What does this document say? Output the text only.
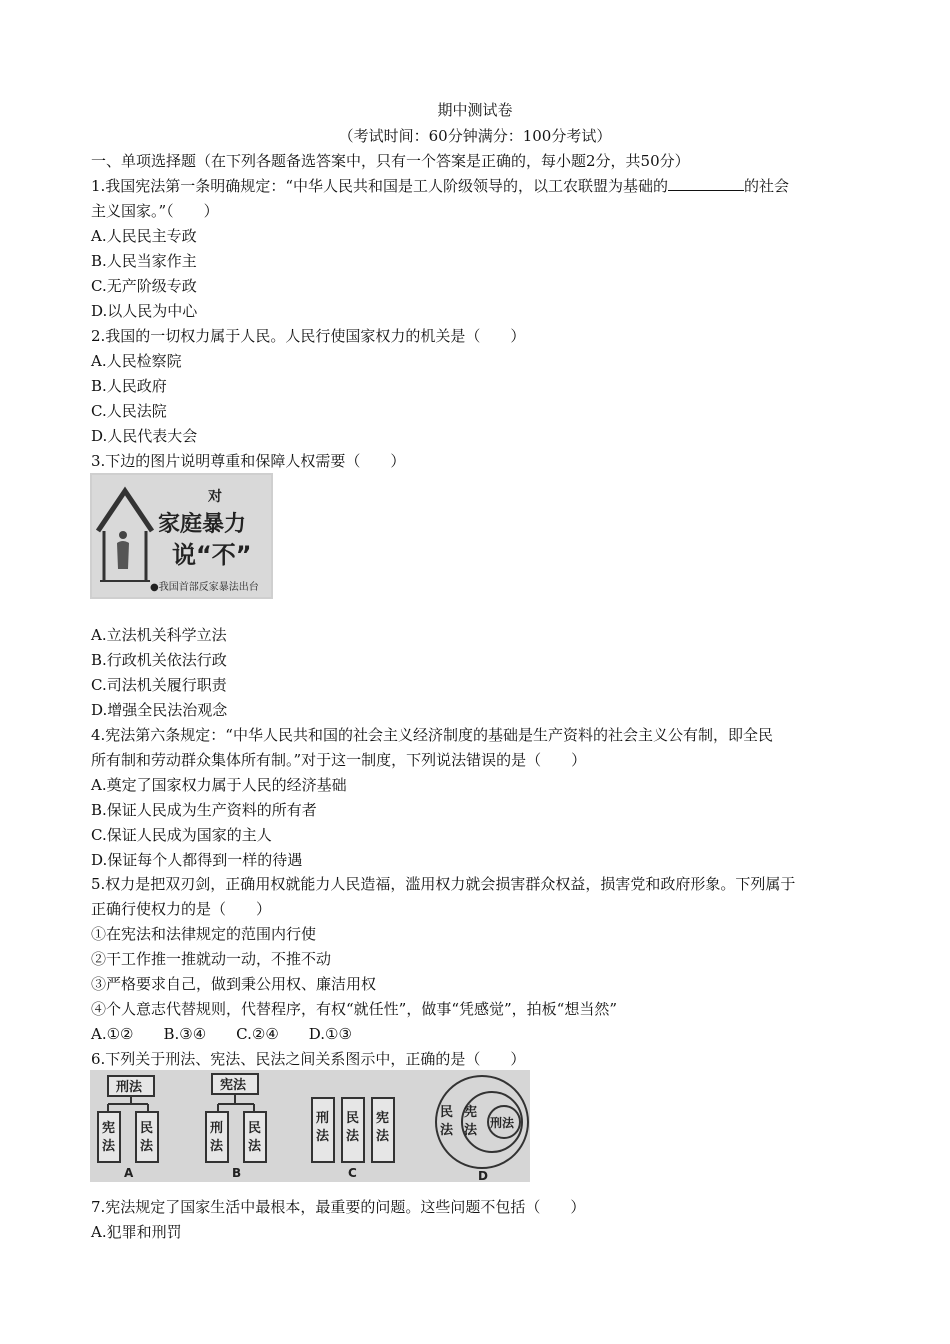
期中测试卷
（考试时间：60分钟满分：100分考试）
一、单项选择题（在下列各题备选答案中，只有一个答案是正确的，每小题2分，共50分）
1.我国宪法第一条明确规定：“中华人民共和国是工人阶级领导的，以工农联盟为基础的	的社会
主义国家。”（　　）
A.人民民主专政
B.人民当家作主
C.无产阶级专政
D.以人民为中心
2.我国的一切权力属于人民。人民行使国家权力的机关是（　　）
A.人民检察院
B.人民政府
C.人民法院
D.人民代表大会
3.下边的图片说明尊重和保障人权需要（　　）
对
家庭暴力
说“不”
●我国首部反家暴法出台
A.立法机关科学立法
B.行政机关依法行政
C.司法机关履行职责
D.增强全民法治观念
4.宪法第六条规定：“中华人民共和国的社会主义经济制度的基础是生产资料的社会主义公有制，即全民
所有制和劳动群众集体所有制。”对于这一制度，下列说法错误的是（　　）
A.奠定了国家权力属于人民的经济基础
B.保证人民成为生产资料的所有者
C.保证人民成为国家的主人
D.保证每个人都得到一样的待遇
5.权力是把双刃剑，正确用权就能力人民造福，滥用权力就会损害群众权益，损害党和政府形象。下列属于
正确行使权力的是（　　）
①在宪法和法律规定的范围内行使
②干工作推一推就动一动，不推不动
③严格要求自己，做到秉公用权、廉洁用权
④个人意志代替规则，代替程序，有权“就任性”，做事“凭感觉”，拍板“想当然”
A.①②　　B.③④　　C.②④　　D.①③
6.下列关于刑法、宪法、民法之间关系图示中，正确的是（　　）
刑法
宪法
民法
A
宪法
刑法
民法
B
刑法
民法
宪法
C
民法
宪法 刑法
D
7.宪法规定了国家生活中最根本，最重要的问题。这些问题不包括（　　）
A.犯罪和刑罚
